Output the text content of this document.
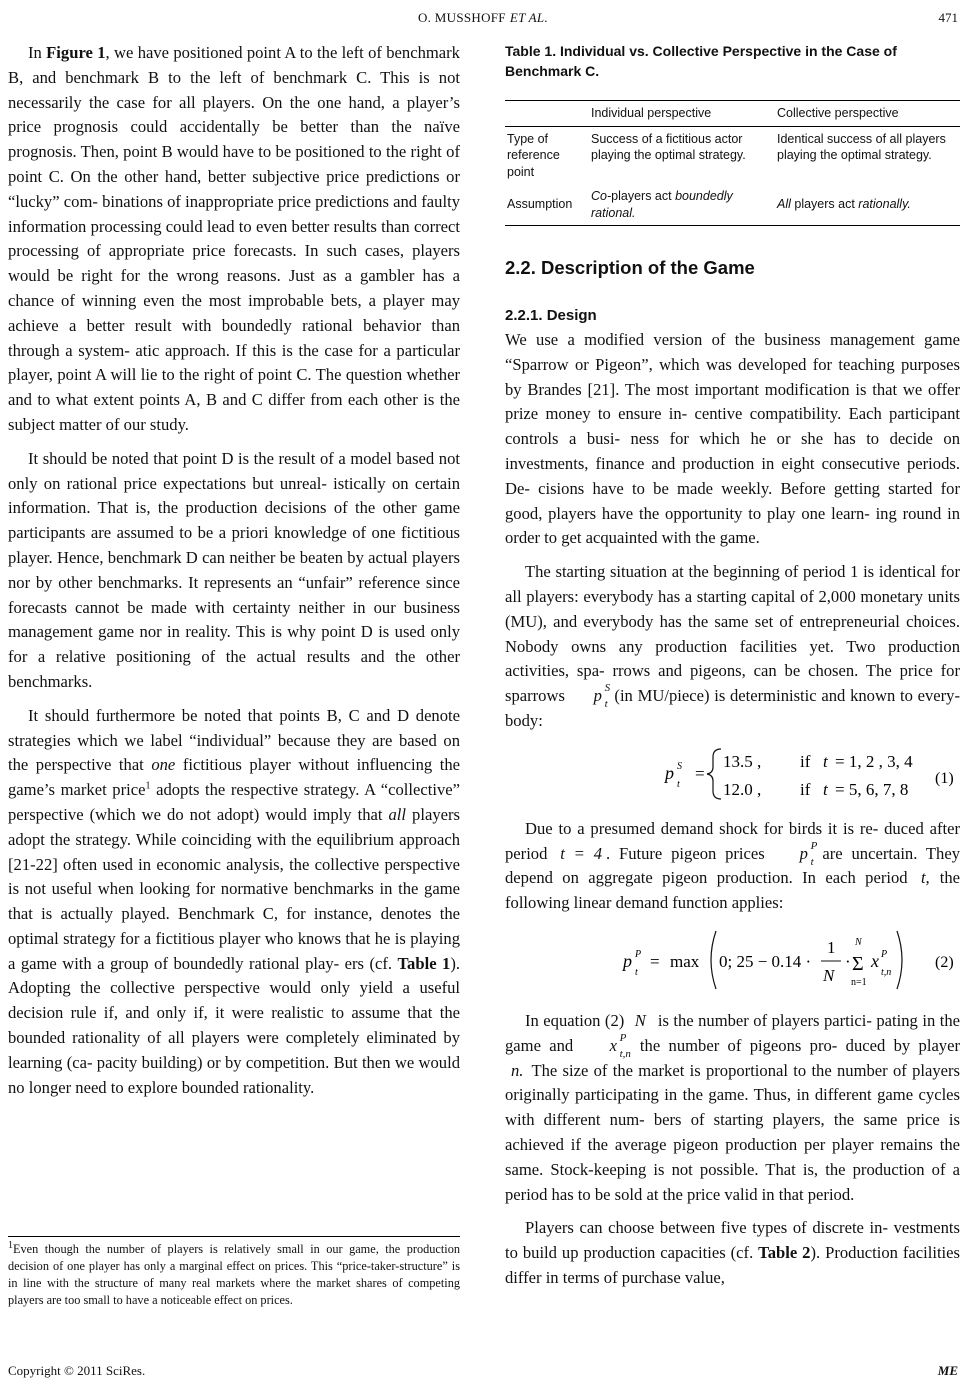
O. MUSSHOFF ET AL.	471

In Figure 1, we have positioned point A to the left of benchmark B, and benchmark B to the left of benchmark C. This is not necessarily the case for all players. On the one hand, a player’s price prognosis could accidentally be better than the naïve prognosis. Then, point B would have to be positioned to the right of point C. On the other hand, better subjective price predictions or “lucky” com- binations of inappropriate price predictions and faulty information processing could lead to even better results than correct processing of appropriate price forecasts. In such cases, players would be right for the wrong reasons. Just as a gambler has a chance of winning even the most improbable bets, a player may achieve a better result with boundedly rational behavior than through a system- atic approach. If this is the case for a particular player, point A will lie to the right of point C. The question whether and to what extent points A, B and C differ from each other is the subject matter of our study.

It should be noted that point D is the result of a model based not only on rational price expectations but unreal- istically on certain information. That is, the production decisions of the other game participants are assumed to be a priori knowledge of one fictitious player. Hence, benchmark D can neither be beaten by actual players nor by other benchmarks. It represents an “unfair” reference since forecasts cannot be made with certainty neither in our business management game nor in reality. This is why point D is used only for a relative positioning of the actual results and the other benchmarks.

It should furthermore be noted that points B, C and D denote strategies which we label “individual” because they are based on the perspective that one fictitious player without influencing the game’s market price$^1$ adopts the respective strategy. A “collective” perspective (which we do not adopt) would imply that all players adopt the strategy. While coinciding with the equilibrium approach [21-22] often used in economic analysis, the collective perspective is not useful when looking for normative benchmarks in the game that is actually played. Benchmark C, for instance, denotes the optimal strategy for a fictitious player who knows that he is playing a game with a group of boundedly rational play- ers (cf. Table 1). Adopting the collective perspective would only yield a useful decision rule if, and only if, it were realistic to assume that the bounded rationality of all players were completely eliminated by learning (ca- pacity building) or by competition. But then we would no longer need to explore bounded rationality.

$^1$Even though the number of players is relatively small in our game, the production decision of one player has only a marginal effect on prices. This “price-taker-structure” is in line with the structure of many real markets where the market shares of competing players are too small to have a noticeable effect on prices.
Table 1. Individual vs. Collective Perspective in the Case of Benchmark C.
	Individual perspective	Collective perspective
Type of reference point	Success of a fictitious actor playing the optimal strategy.	Identical success of all players playing the optimal strategy.
Assumption	Co-players act boundedly rational.	All players act rationally.
2.2. Description of the Game
2.2.1. Design

We use a modified version of the business management game “Sparrow or Pigeon”, which was developed for teaching purposes by Brandes [21]. The most important modification is that we offer prize money to ensure in- centive compatibility. Each participant controls a busi- ness for which he or she has to decide on investments, finance and production in eight consecutive periods. De- cisions have to be made weekly. Before getting started for good, players have the opportunity to play one learn- ing round in order to get acquainted with the game.

The starting situation at the beginning of period 1 is identical for all players: everybody has a starting capital of 2,000 monetary units (MU), and everybody has the same set of entrepreneurial choices. Nobody owns any production facilities yet. Two production activities, spa- rrows and pigeons, can be chosen. The price for sparrows p S
t (in MU/piece) is deterministic and known to every- body:

p S
t
=
13.5 , if t = 1, 2 , 3, 4
12.0 , if t = 5, 6, 7, 8
(1)

Due to a presumed demand shock for birds it is re- duced after period t = 4 . Future pigeon prices p P
t are uncertain. They depend on aggregate pigeon production. In each period t, the following linear demand function applies:

p P
t
= max 0; 25 − 0.14 ·
1
N
·
N
Σ
n=1
x P
t,n
(2)

In equation (2) N is the number of players partici- pating in the game and x P
t,n the number of pigeons pro- duced by player n. The size of the market is proportional to the number of players originally participating in the game. Thus, in different game cycles with different num- bers of starting players, the same price is achieved if the average pigeon production per player remains the same. Stock-keeping is not possible. That is, the production of a period has to be sold at the price valid in that period.

Players can choose between five types of discrete in- vestments to build up production capacities (cf. Table 2). Production facilities differ in terms of purchase value,

Copyright © 2011 SciRes.	ME
